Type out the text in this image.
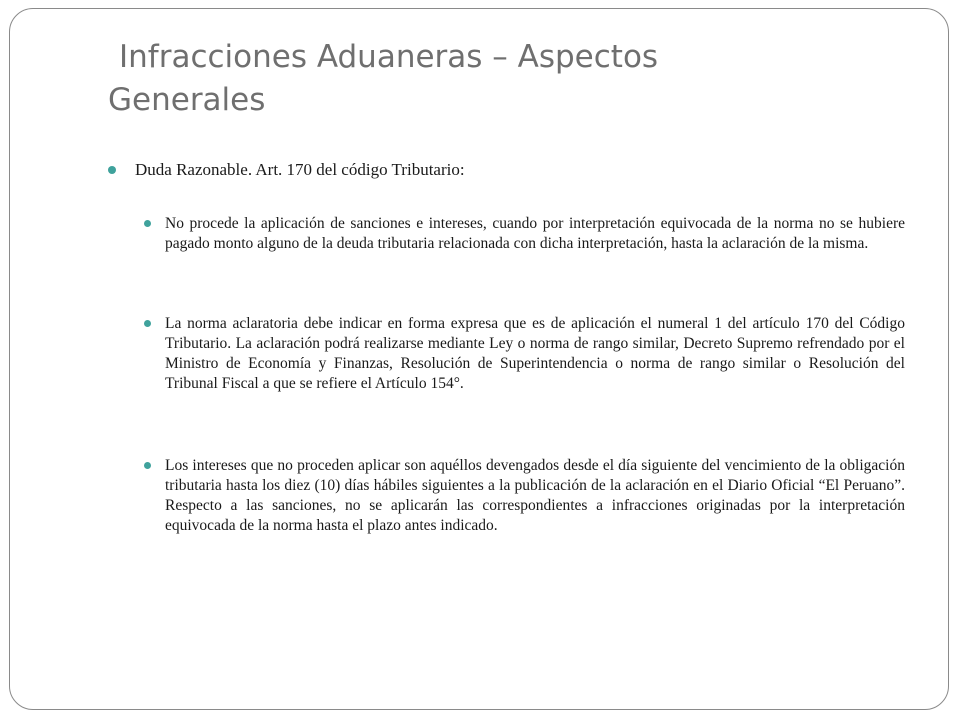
Infracciones Aduaneras – Aspectos
Generales
Duda Razonable. Art. 170 del código Tributario:
No procede la aplicación de sanciones e intereses, cuando por interpretación equivocada de la norma no se hubiere pagado monto alguno de la deuda tributaria relacionada con dicha interpretación, hasta la aclaración de la misma.
La norma aclaratoria debe indicar en forma expresa que es de aplicación el numeral 1 del artículo 170 del Código Tributario. La aclaración podrá realizarse mediante Ley o norma de rango similar, Decreto Supremo refrendado por el Ministro de Economía y Finanzas, Resolución de Superintendencia o norma de rango similar o Resolución del Tribunal Fiscal a que se refiere el Artículo 154°.
Los intereses que no proceden aplicar son aquéllos devengados desde el día siguiente del vencimiento de la obligación tributaria hasta los diez (10) días hábiles siguientes a la publicación de la aclaración en el Diario Oficial “El Peruano”. Respecto a las sanciones, no se aplicarán las correspondientes a infracciones originadas por la interpretación equivocada de la norma hasta el plazo antes indicado.
